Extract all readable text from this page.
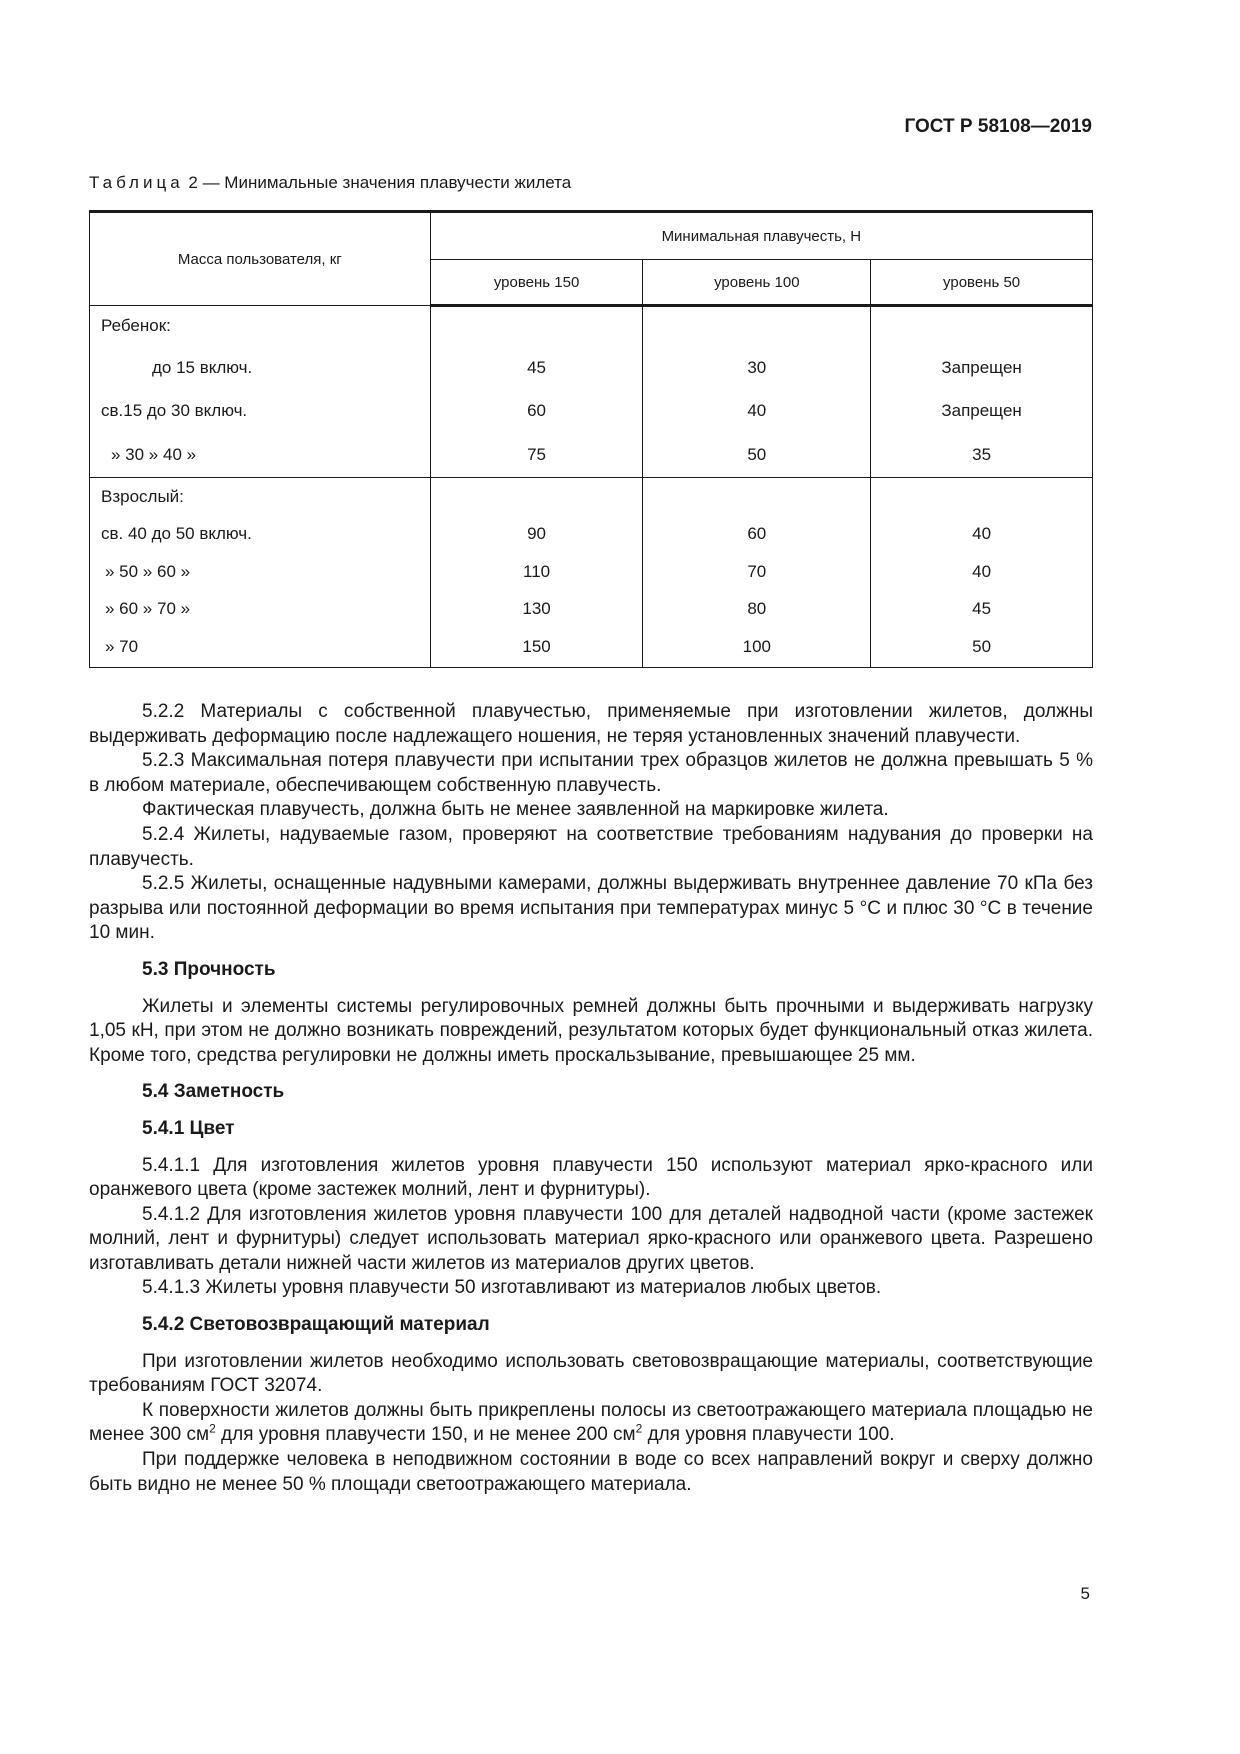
ГОСТ Р 58108—2019
Таблица 2 — Минимальные значения плавучести жилета
Масса пользователя, кг	Минимальная плавучесть, Н		
	уровень 150	уровень 100	уровень 50
Ребенок:			
до 15 включ.	45	30	Запрещен
св.15 до 30 включ.	60	40	Запрещен
» 30 » 40 »	75	50	35
Взрослый:			
св. 40 до 50 включ.	90	60	40
» 50 » 60 »	110	70	40
» 60 » 70 »	130	80	45
» 70	150	100	50

5.2.2 Материалы с собственной плавучестью, применяемые при изготовлении жилетов, должны выдерживать деформацию после надлежащего ношения, не теряя установленных значений плавучести.

5.2.3 Максимальная потеря плавучести при испытании трех образцов жилетов не должна превышать 5 % в любом материале, обеспечивающем собственную плавучесть.

Фактическая плавучесть, должна быть не менее заявленной на маркировке жилета.

5.2.4 Жилеты, надуваемые газом, проверяют на соответствие требованиям надувания до проверки на плавучесть.

5.2.5 Жилеты, оснащенные надувными камерами, должны выдерживать внутреннее давление 70 кПа без разрыва или постоянной деформации во время испытания при температурах минус 5 °С и плюс 30 °С в течение 10 мин.

5.3 Прочность

Жилеты и элементы системы регулировочных ремней должны быть прочными и выдерживать нагрузку 1,05 кН, при этом не должно возникать повреждений, результатом которых будет функциональный отказ жилета. Кроме того, средства регулировки не должны иметь проскальзывание, превышающее 25 мм.

5.4 Заметность
5.4.1 Цвет

5.4.1.1 Для изготовления жилетов уровня плавучести 150 используют материал ярко-красного или оранжевого цвета (кроме застежек молний, лент и фурнитуры).

5.4.1.2 Для изготовления жилетов уровня плавучести 100 для деталей надводной части (кроме застежек молний, лент и фурнитуры) следует использовать материал ярко-красного или оранжевого цвета. Разрешено изготавливать детали нижней части жилетов из материалов других цветов.

5.4.1.3 Жилеты уровня плавучести 50 изготавливают из материалов любых цветов.

5.4.2 Световозвращающий материал

При изготовлении жилетов необходимо использовать световозвращающие материалы, соответствующие требованиям ГОСТ 32074.

К поверхности жилетов должны быть прикреплены полосы из светоотражающего материала площадью не менее 300 $см^2$ для уровня плавучести 150, и не менее 200 $см^2$ для уровня плавучести 100.

При поддержке человека в неподвижном состоянии в воде со всех направлений вокруг и сверху должно быть видно не менее 50 % площади светоотражающего материала.

5
